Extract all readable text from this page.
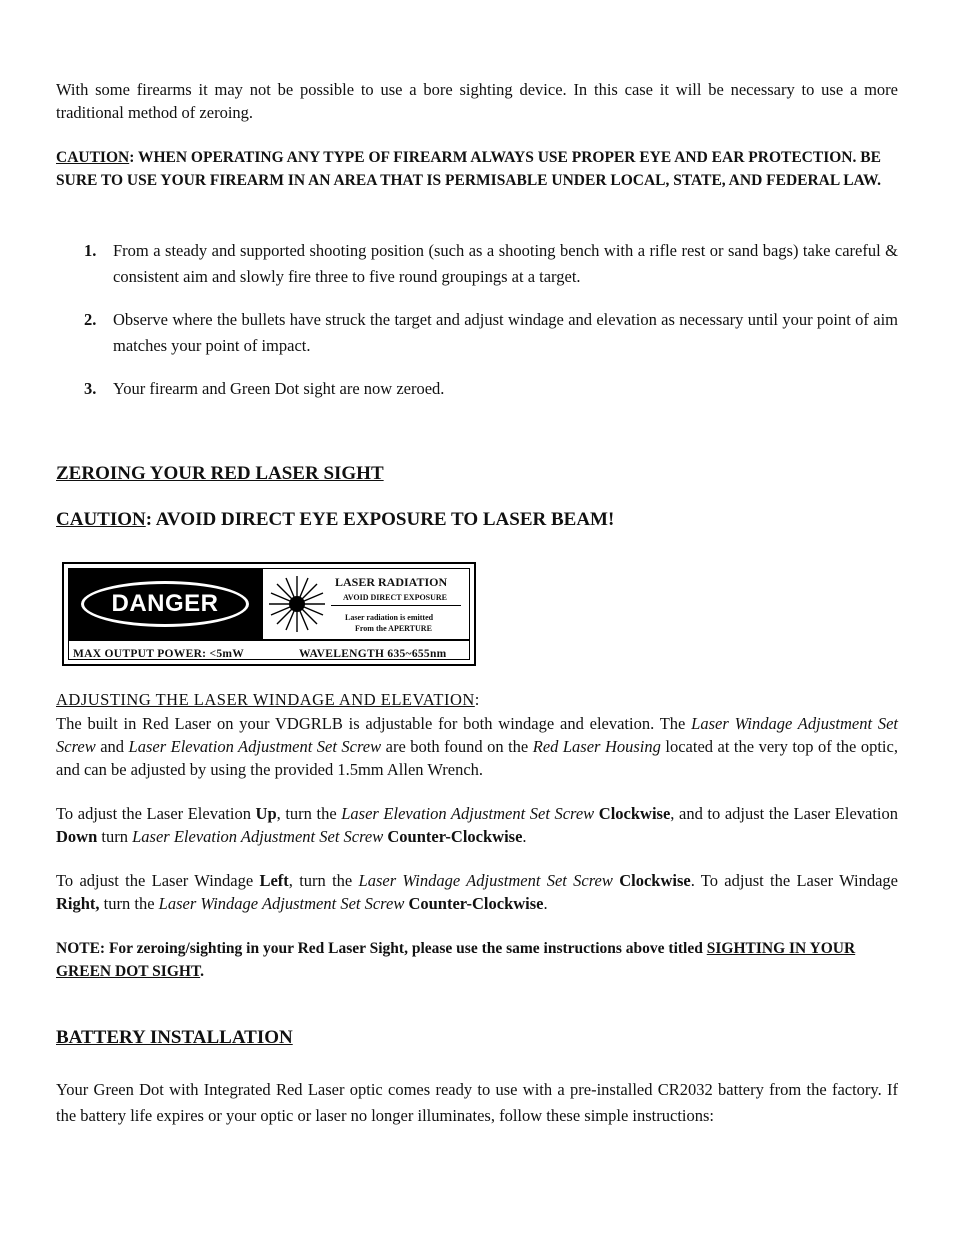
With some firearms it may not be possible to use a bore sighting device. In this case it will be necessary to use a more traditional method of zeroing.

CAUTION: WHEN OPERATING ANY TYPE OF FIREARM ALWAYS USE PROPER EYE AND EAR PROTECTION. BE SURE TO USE YOUR FIREARM IN AN AREA THAT IS PERMISABLE UNDER LOCAL, STATE, AND FEDERAL LAW.

1. From a steady and supported shooting position (such as a shooting bench with a rifle rest or sand bags) take careful & consistent aim and slowly fire three to five round groupings at a target.
2. Observe where the bullets have struck the target and adjust windage and elevation as necessary until your point of aim matches your point of impact.
3. Your firearm and Green Dot sight are now zeroed.

ZEROING YOUR RED LASER SIGHT

CAUTION: AVOID DIRECT EYE EXPOSURE TO LASER BEAM!

DANGER
LASER RADIATION
AVOID DIRECT EXPOSURE
Laser radiation is emitted
From the APERTURE
MAX OUTPUT POWER: <5mW	WAVELENGTH 635~655nm

ADJUSTING THE LASER WINDAGE AND ELEVATION:

The built in Red Laser on your VDGRLB is adjustable for both windage and elevation. The Laser Windage Adjustment Set Screw and Laser Elevation Adjustment Set Screw are both found on the Red Laser Housing located at the very top of the optic, and can be adjusted by using the provided 1.5mm Allen Wrench.

To adjust the Laser Elevation Up, turn the Laser Elevation Adjustment Set Screw Clockwise, and to adjust the Laser Elevation Down turn Laser Elevation Adjustment Set Screw Counter-Clockwise.

To adjust the Laser Windage Left, turn the Laser Windage Adjustment Set Screw Clockwise. To adjust the Laser Windage Right, turn the Laser Windage Adjustment Set Screw Counter-Clockwise.

NOTE: For zeroing/sighting in your Red Laser Sight, please use the same instructions above titled SIGHTING IN YOUR GREEN DOT SIGHT.

BATTERY INSTALLATION

Your Green Dot with Integrated Red Laser optic comes ready to use with a pre-installed CR2032 battery from the factory. If the battery life expires or your optic or laser no longer illuminates, follow these simple instructions:
